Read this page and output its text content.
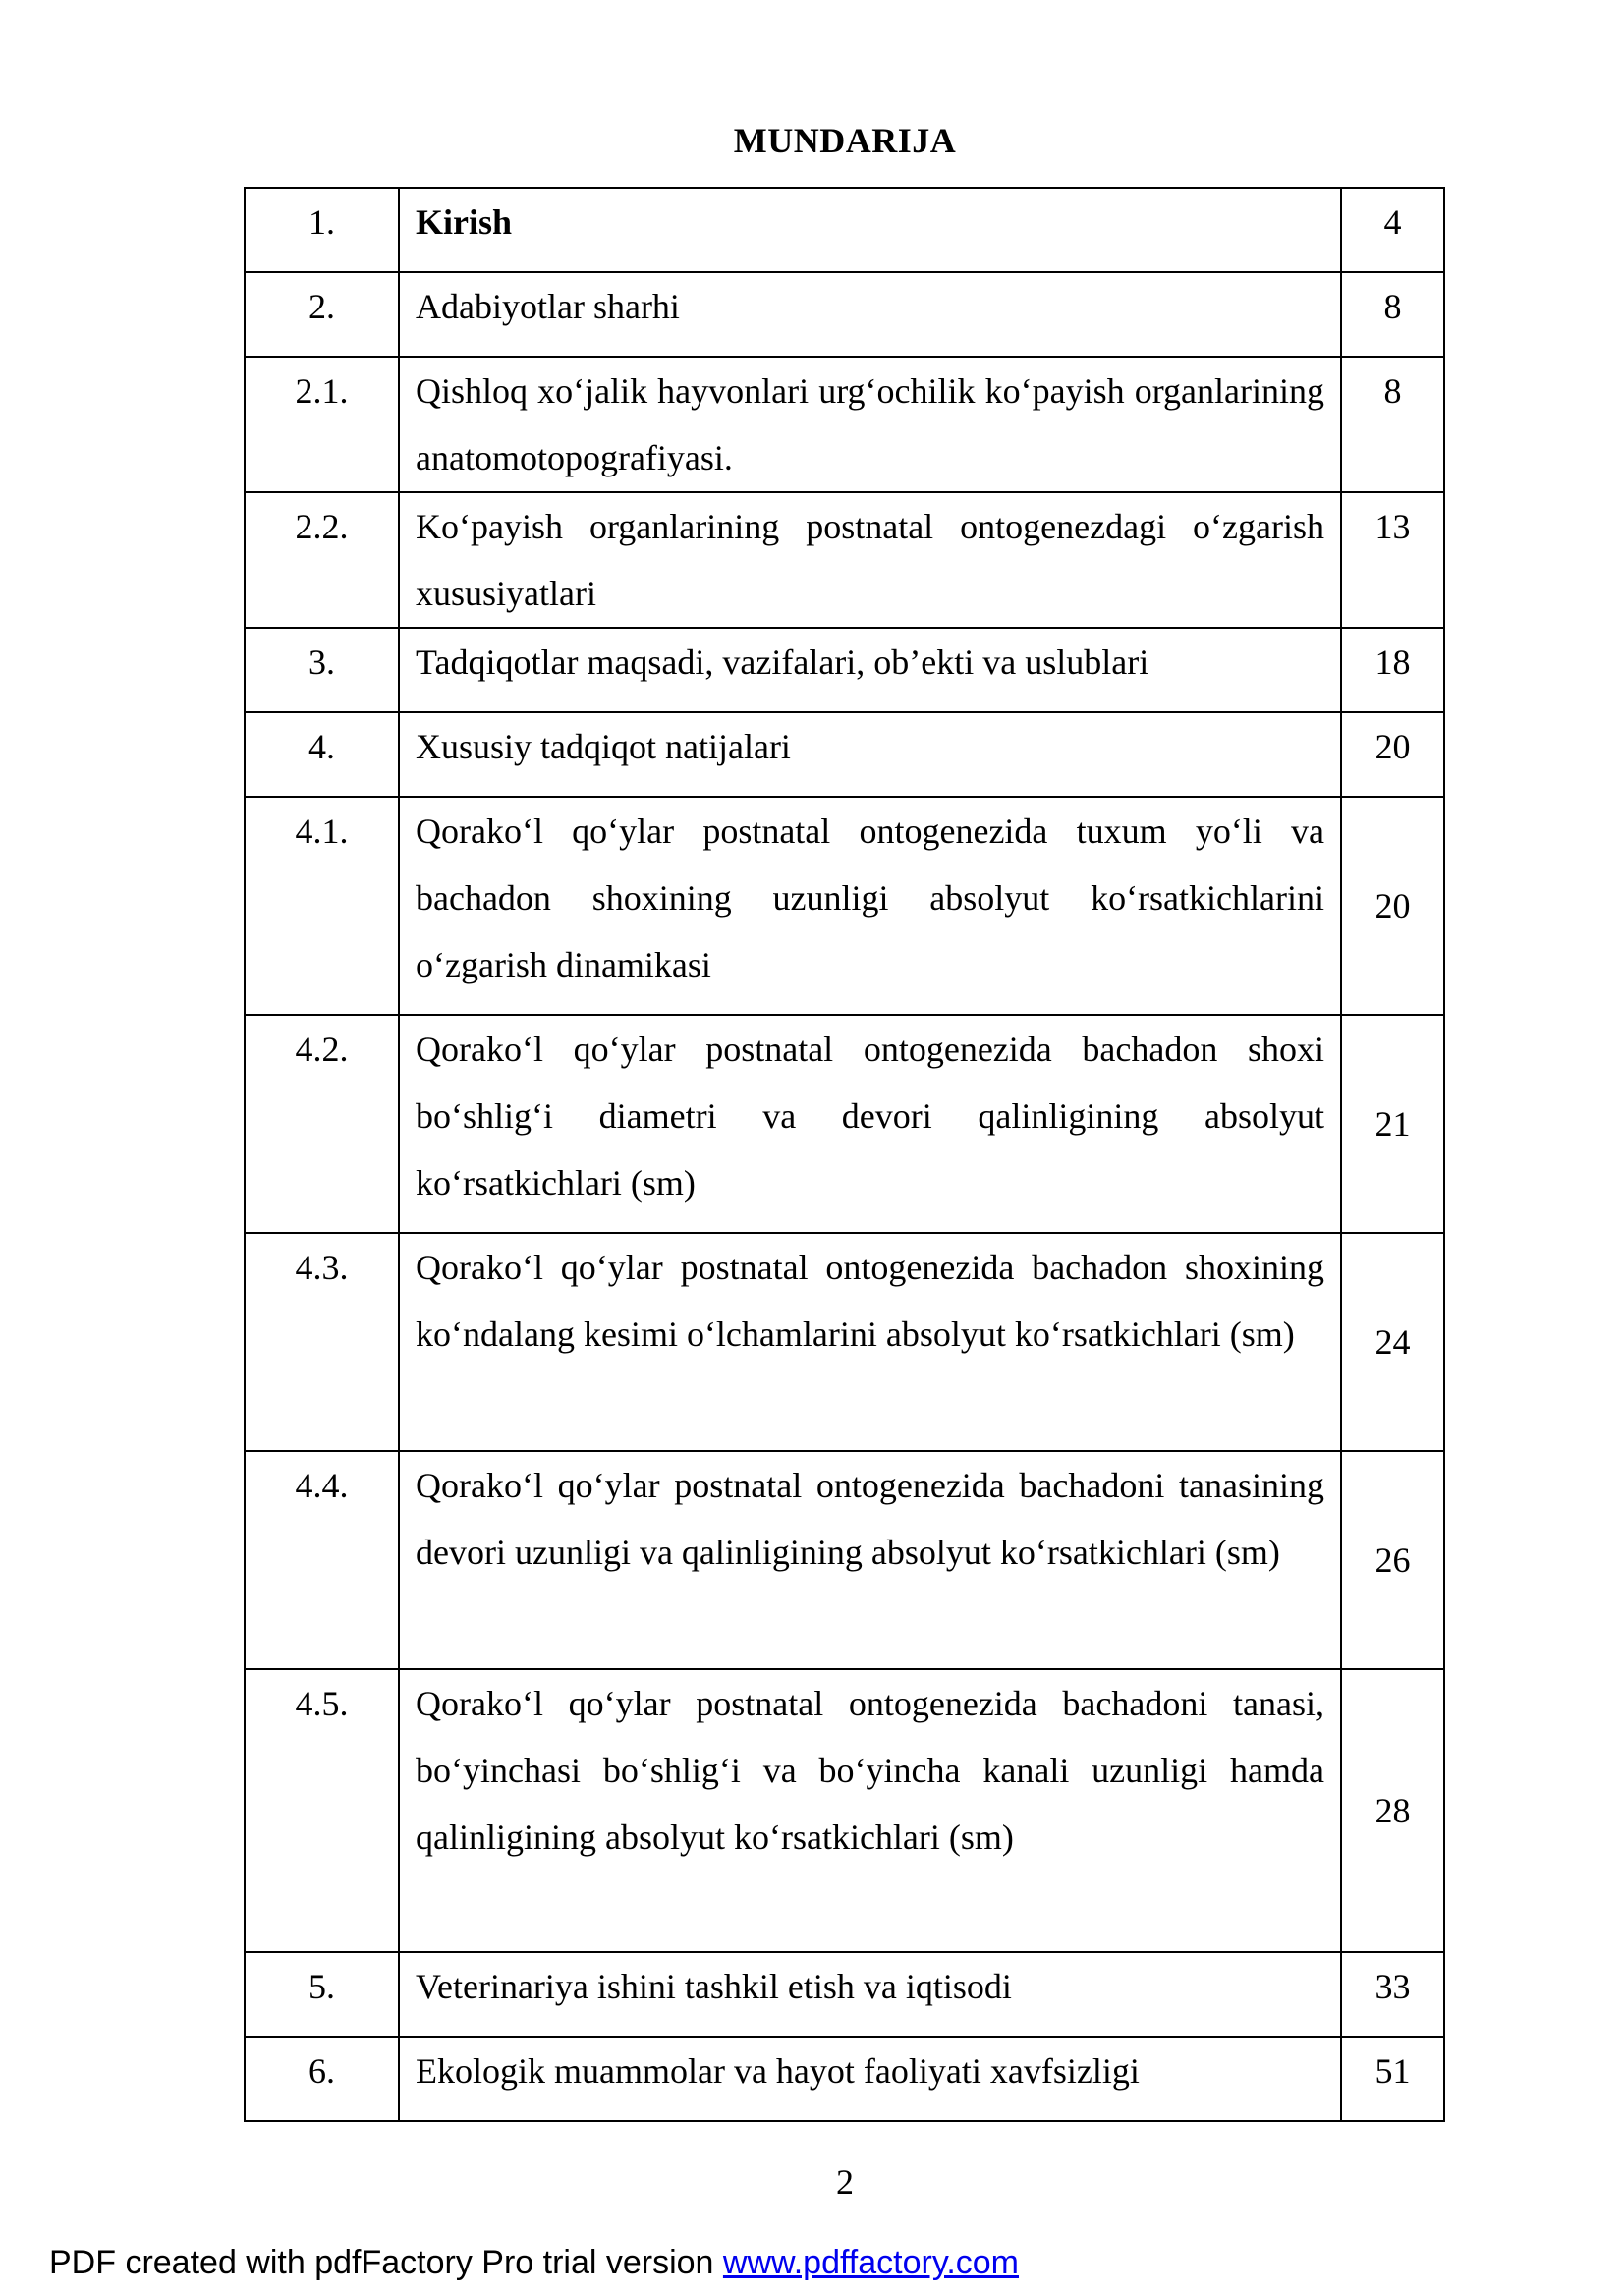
MUNDARIJA
1.	Kirish	4
2.	Adabiyotlar sharhi	8
2.1.	Qishloq xo‘jalik hayvonlari urg‘ochilik ko‘payish organlarining anatomotopografiyasi.	8
2.2.	Ko‘payish organlarining postnatal ontogenezdagi o‘zgarish xususiyatlari	13
3.	Tadqiqotlar maqsadi, vazifalari, ob’ekti va uslublari	18
4.	Xususiy tadqiqot natijalari	20
4.1.	Qorako‘l qo‘ylar postnatal ontogenezida tuxum yo‘li va bachadon shoxining uzunligi absolyut ko‘rsatkichlarini o‘zgarish dinamikasi	20
4.2.	Qorako‘l qo‘ylar postnatal ontogenezida bachadon shoxi bo‘shlig‘i diametri va devori qalinligining absolyut ko‘rsatkichlari (sm)	21
4.3.	Qorako‘l qo‘ylar postnatal ontogenezida bachadon shoxining ko‘ndalang kesimi o‘lchamlarini absolyut ko‘rsatkichlari (sm)	24
4.4.	Qorako‘l qo‘ylar postnatal ontogenezida bachadoni tanasining devori uzunligi va qalinligining absolyut ko‘rsatkichlari (sm)	26
4.5.	Qorako‘l qo‘ylar postnatal ontogenezida bachadoni tanasi, bo‘yinchasi bo‘shlig‘i va bo‘yincha kanali uzunligi hamda qalinligining absolyut ko‘rsatkichlari (sm)	28
5.	Veterinariya ishini tashkil etish va iqtisodi	33
6.	Ekologik muammolar va hayot faoliyati xavfsizligi	51
2
PDF created with pdfFactory Pro trial version www.pdffactory.com
